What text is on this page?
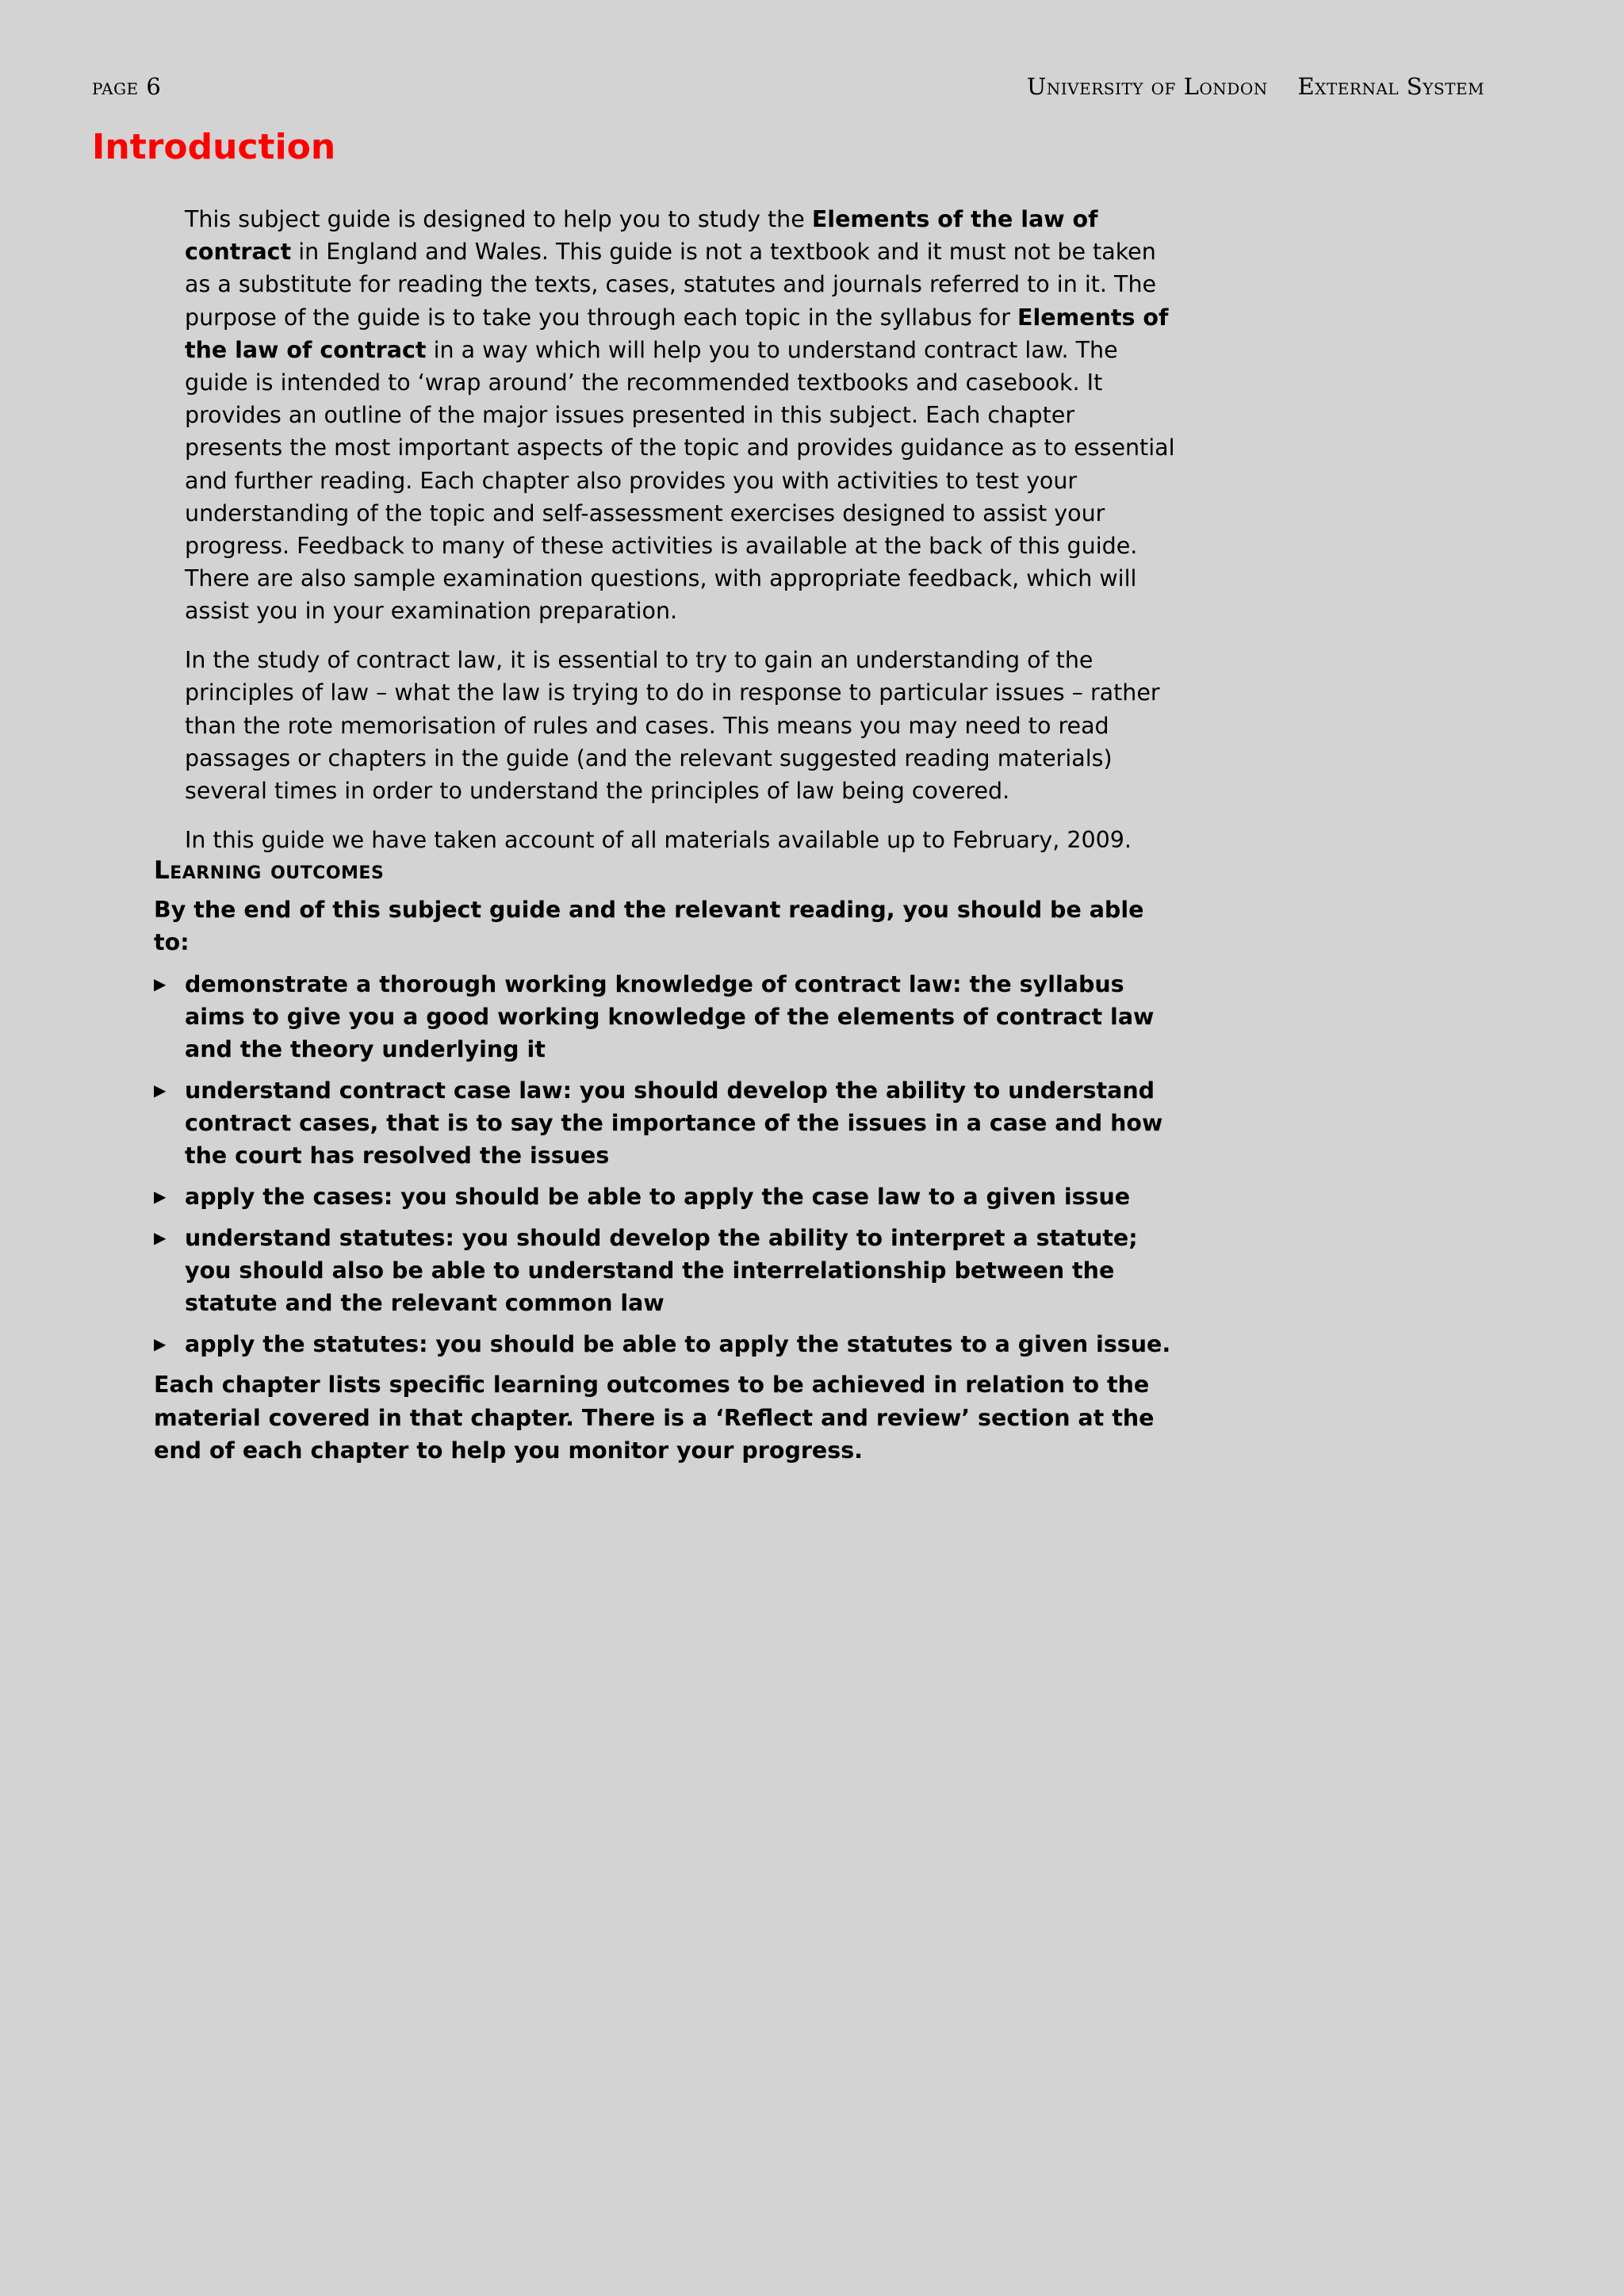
page 6	University of London External System
Introduction

This subject guide is designed to help you to study the Elements of the law of contract in England and Wales. This guide is not a textbook and it must not be taken as a substitute for reading the texts, cases, statutes and journals referred to in it. The purpose of the guide is to take you through each topic in the syllabus for Elements of the law of contract in a way which will help you to understand contract law. The guide is intended to ‘wrap around’ the recommended textbooks and casebook. It provides an outline of the major issues presented in this subject. Each chapter presents the most important aspects of the topic and provides guidance as to essential and further reading. Each chapter also provides you with activities to test your understanding of the topic and self-assessment exercises designed to assist your progress. Feedback to many of these activities is available at the back of this guide. There are also sample examination questions, with appropriate feedback, which will assist you in your examination preparation.

In the study of contract law, it is essential to try to gain an understanding of the principles of law – what the law is trying to do in response to particular issues – rather than the rote memorisation of rules and cases. This means you may need to read passages or chapters in the guide (and the relevant suggested reading materials) several times in order to understand the principles of law being covered.

In this guide we have taken account of all materials available up to February, 2009.

Learning outcomes

By the end of this subject guide and the relevant reading, you should be able to:

▶ demonstrate a thorough working knowledge of contract law: the syllabus aims to give you a good working knowledge of the elements of contract law and the theory underlying it
▶ understand contract case law: you should develop the ability to understand contract cases, that is to say the importance of the issues in a case and how the court has resolved the issues
▶ apply the cases: you should be able to apply the case law to a given issue
▶ understand statutes: you should develop the ability to interpret a statute; you should also be able to understand the interrelationship between the statute and the relevant common law
▶ apply the statutes: you should be able to apply the statutes to a given issue.

Each chapter lists specific learning outcomes to be achieved in relation to the material covered in that chapter. There is a ‘Reflect and review’ section at the end of each chapter to help you monitor your progress.
